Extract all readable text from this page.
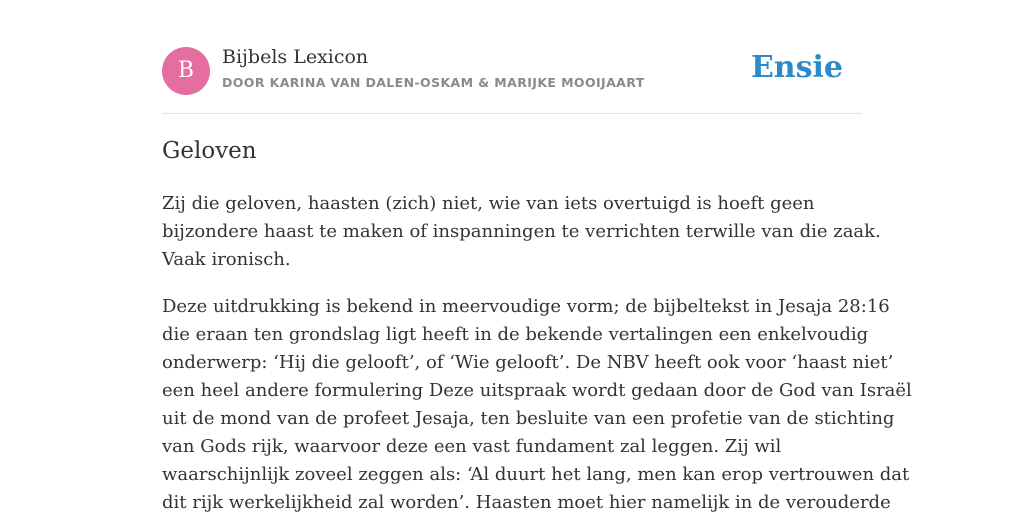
B
Bijbels Lexicon
DOOR KARINA VAN DALEN-OSKAM & MARIJKE MOOIJAART	Ensie
Geloven

Zij die geloven, haasten (zich) niet, wie van iets overtuigd is hoeft geen
bijzondere haast te maken of inspanningen te verrichten terwille van die zaak.
Vaak ironisch.

Deze uitdrukking is bekend in meervoudige vorm; de bijbeltekst in Jesaja 28:16
die eraan ten grondslag ligt heeft in de bekende vertalingen een enkelvoudig
onderwerp: ‘Hij die gelooft’, of ‘Wie gelooft’. De NBV heeft ook voor ‘haast niet’
een heel andere formulering Deze uitspraak wordt gedaan door de God van Israël
uit de mond van de profeet Jesaja, ten besluite van een profetie van de stichting
van Gods rijk, waarvoor deze een vast fundament zal leggen. Zij wil
waarschijnlijk zoveel zeggen als: ‘Al duurt het lang, men kan erop vertrouwen dat
dit rijk werkelijkheid zal worden’. Haasten moet hier namelijk in de verouderde
